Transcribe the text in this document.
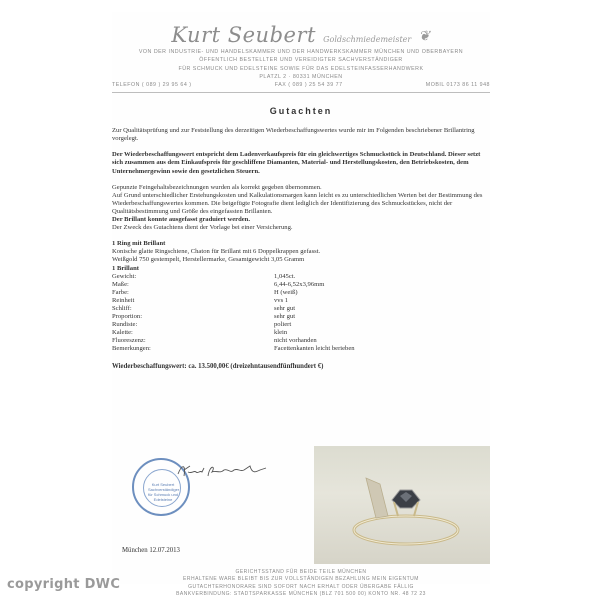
Kurt Seubert Goldschmiedemeister ❦
VON DER INDUSTRIE- UND HANDELSKAMMER UND DER HANDWERKSKAMMER MÜNCHEN UND OBERBAYERN
ÖFFENTLICH BESTELLTER UND VEREIDIGTER SACHVERSTÄNDIGER
FÜR SCHMUCK UND EDELSTEINE SOWIE FÜR DAS EDELSTEINFASSERHANDWERK
PLATZL 2 · 80331 MÜNCHEN
TELEFON ( 089 ) 29 95 64 )	FAX ( 089 ) 25 54 39 77	MOBIL 0173 86 11 948
Gutachten

Zur Qualitätsprüfung und zur Feststellung des derzeitigen Wiederbeschaffungswertes wurde mir im Folgenden beschriebener Brillantring vorgelegt.

Der Wiederbeschaffungswert entspricht dem Ladenverkaufspreis für ein gleichwertiges Schmuckstück in Deutschland. Dieser setzt sich zusammen aus dem Einkaufspreis für geschliffene Diamanten, Material- und Herstellungskosten, den Betriebskosten, dem Unternehmergewinn sowie den gesetzlichen Steuern.

Gepunzte Feingehaltsbezeichnungen wurden als korrekt gegeben übernommen.

Auf Grund unterschiedlicher Erstehungskosten und Kalkulationsmargen kann leicht es zu unterschiedlichen Werten bei der Bestimmung des Wiederbeschaffungswertes kommen. Die beigefügte Fotografie dient lediglich der Identifizierung des Schmuckstückes, nicht der Qualitätsbestimmung und Größe des eingefassten Brillanten.

Der Brillant konnte ausgefasst graduiert werden.

Der Zweck des Gutachtens dient der Vorlage bei einer Versicherung.

1 Ring mit Brillant
Konische glatte Ringschiene, Chaton für Brillant mit 6 Doppelkrappen gefasst.
Weißgold 750 gestempelt, Herstellermarke, Gesamtgewicht 3,05 Gramm
1 Brillant
Gewicht:	1,045ct.
Maße:	6,44-6,52x3,96mm
Farbe:	H (weiß)
Reinheit	vvs 1
Schliff:	sehr gut
Proportion:	sehr gut
Rundiste:	poliert
Kalette:	klein
Fluoreszenz:	nicht vorhanden
Bemerkungen:	Facettenkanten leicht berieben
Wiederbeschaffungswert: ca. 13.500,00€ (dreizehntausendfünfhundert €)
Kurt Seubert Sachverständiger für Schmuck und Edelsteine
München 12.07.2013
GERICHTSSTAND FÜR BEIDE TEILE MÜNCHEN
ERHALTENE WARE BLEIBT BIS ZUR VOLLSTÄNDIGEN BEZAHLUNG MEIN EIGENTUM
GUTACHTERHONORARE SIND SOFORT NACH ERHALT ODER ÜBERGABE FÄLLIG
BANKVERBINDUNG: STADTSPARKASSE MÜNCHEN (BLZ 701 500 00) KONTO NR. 48 72 23
copyright DWC
